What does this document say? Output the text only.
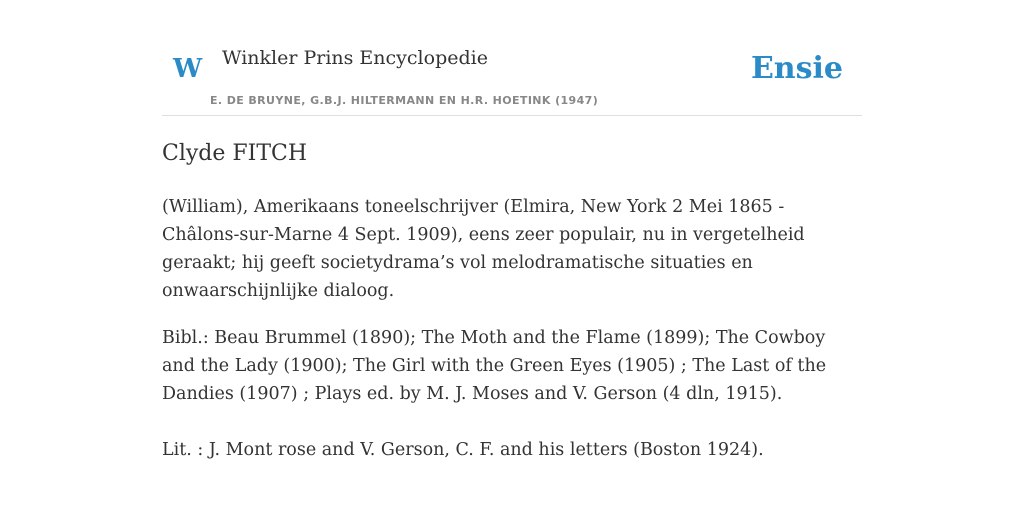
W Winkler Prins Encyclopedie
E. DE BRUYNE, G.B.J. HILTERMANN EN H.R. HOETINK (1947)
Ensie
Clyde FITCH

(William), Amerikaans toneelschrijver (Elmira, New York 2 Mei 1865 - Châlons-sur-Marne 4 Sept. 1909), eens zeer populair, nu in vergetelheid geraakt; hij geeft societydrama’s vol melodramatische situaties en onwaarschijnlijke dialoog.

Bibl.: Beau Brummel (1890); The Moth and the Flame (1899); The Cowboy and the Lady (1900); The Girl with the Green Eyes (1905) ; The Last of the Dandies (1907) ; Plays ed. by M. J. Moses and V. Gerson (4 dln, 1915).

Lit. : J. Mont rose and V. Gerson, C. F. and his letters (Boston 1924).
